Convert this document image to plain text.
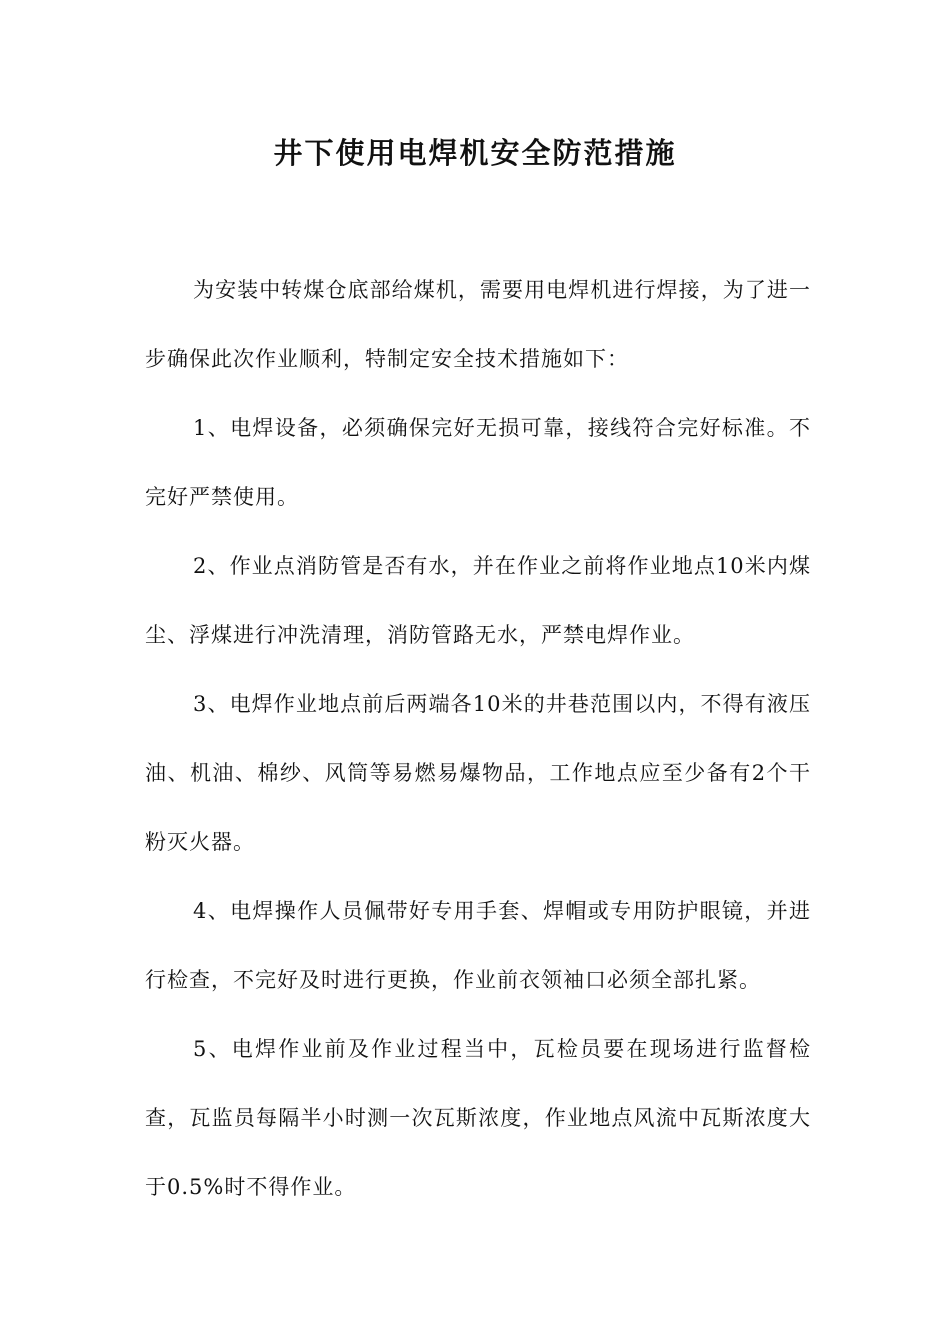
井下使用电焊机安全防范措施

为安装中转煤仓底部给煤机，需要用电焊机进行焊接，为了进一步确保此次作业顺利，特制定安全技术措施如下：

1、电焊设备，必须确保完好无损可靠，接线符合完好标准。不完好严禁使用。

2、作业点消防管是否有水，并在作业之前将作业地点10米内煤尘、浮煤进行冲洗清理，消防管路无水，严禁电焊作业。

3、电焊作业地点前后两端各10米的井巷范围以内，不得有液压油、机油、棉纱、风筒等易燃易爆物品，工作地点应至少备有2个干粉灭火器。

4、电焊操作人员佩带好专用手套、焊帽或专用防护眼镜，并进行检查，不完好及时进行更换，作业前衣领袖口必须全部扎紧。

5、电焊作业前及作业过程当中，瓦检员要在现场进行监督检查，瓦监员每隔半小时测一次瓦斯浓度，作业地点风流中瓦斯浓度大于0.5%时不得作业。
